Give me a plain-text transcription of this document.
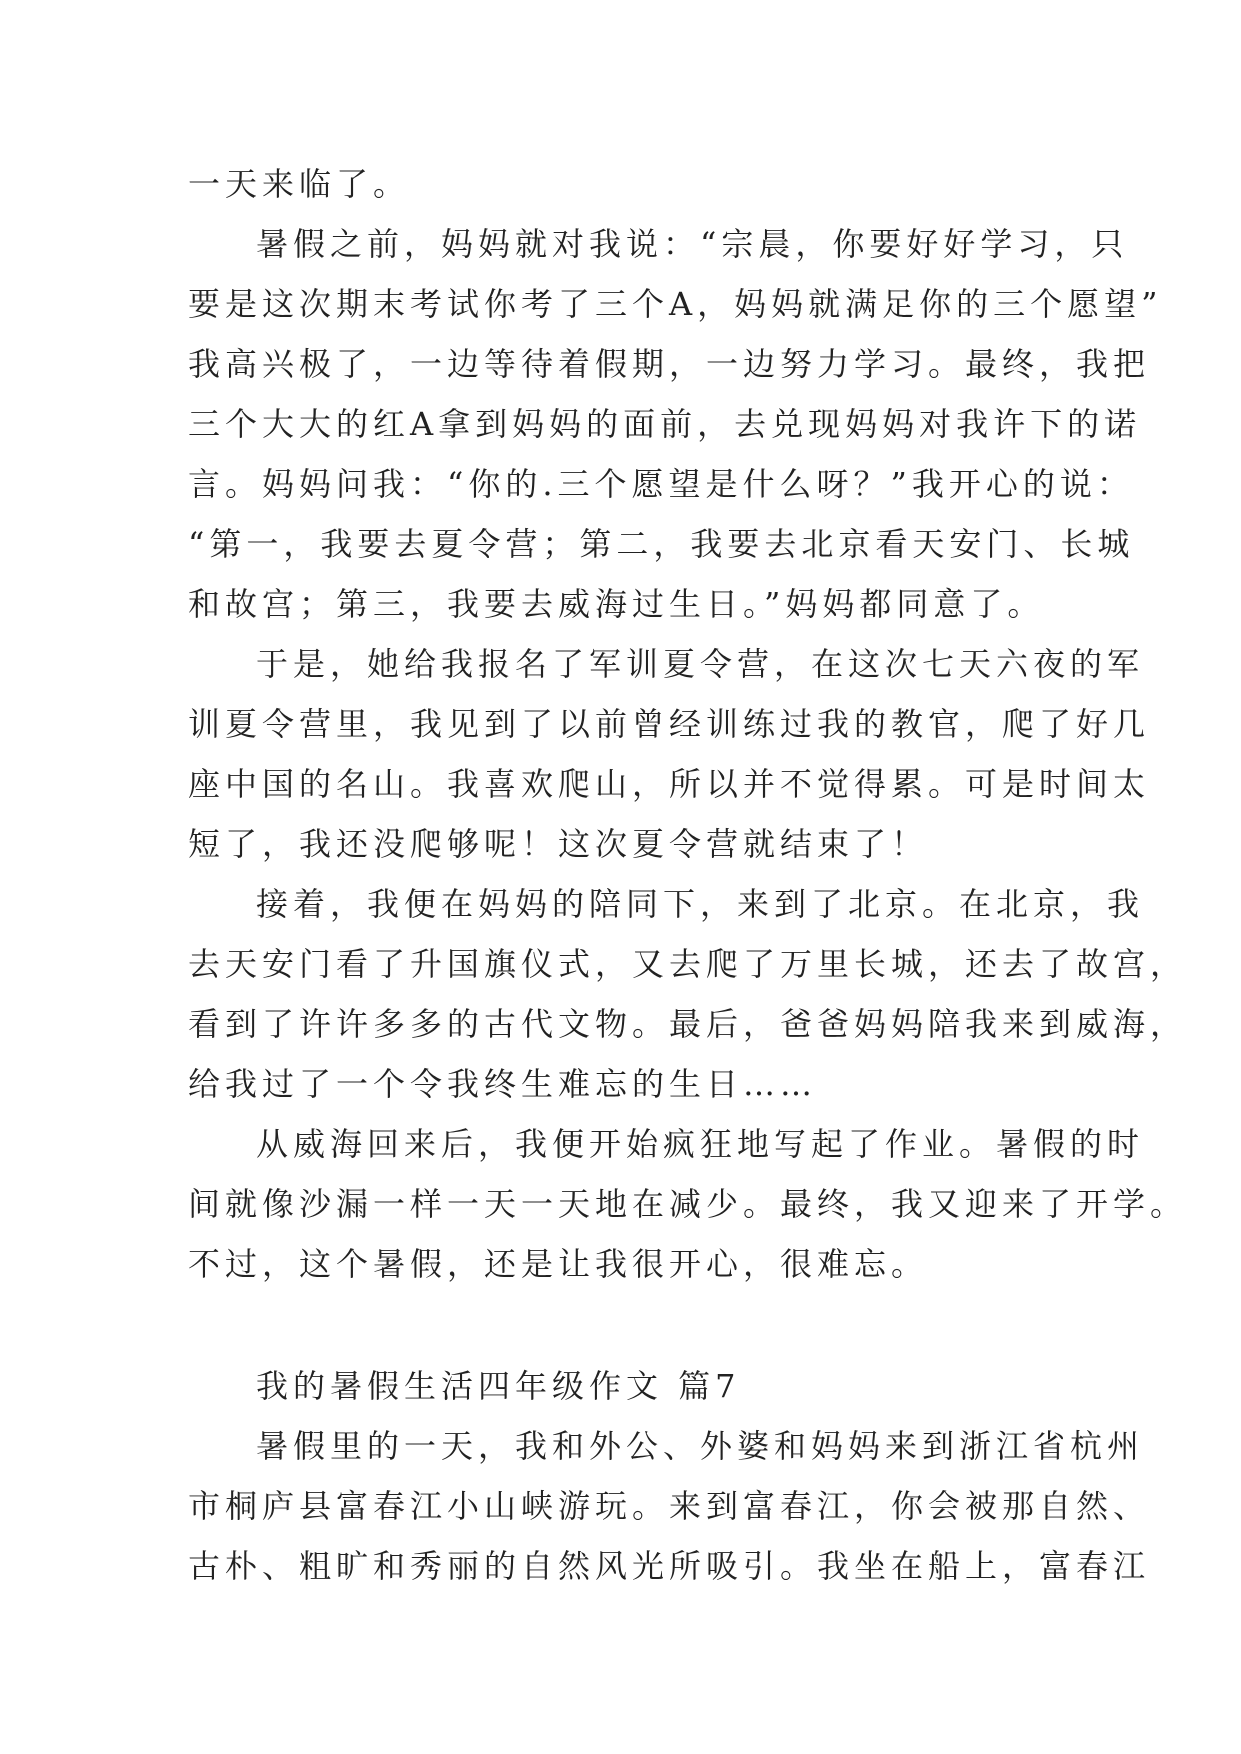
一天来临了。
暑假之前，妈妈就对我说：“宗晨，你要好好学习，只
要是这次期末考试你考了三个A，妈妈就满足你的三个愿望”
我高兴极了，一边等待着假期，一边努力学习。最终，我把
三个大大的红A拿到妈妈的面前，去兑现妈妈对我许下的诺
言。妈妈问我：“你的.三个愿望是什么呀？”我开心的说：
“第一，我要去夏令营；第二，我要去北京看天安门、长城
和故宫；第三，我要去威海过生日。”妈妈都同意了。
于是，她给我报名了军训夏令营，在这次七天六夜的军
训夏令营里，我见到了以前曾经训练过我的教官，爬了好几
座中国的名山。我喜欢爬山，所以并不觉得累。可是时间太
短了，我还没爬够呢！这次夏令营就结束了！
接着，我便在妈妈的陪同下，来到了北京。在北京，我
去天安门看了升国旗仪式，又去爬了万里长城，还去了故宫，
看到了许许多多的古代文物。最后，爸爸妈妈陪我来到威海，
给我过了一个令我终生难忘的生日……
从威海回来后，我便开始疯狂地写起了作业。暑假的时
间就像沙漏一样一天一天地在减少。最终，我又迎来了开学。
不过，这个暑假，还是让我很开心，很难忘。
我的暑假生活四年级作文 篇7
暑假里的一天，我和外公、外婆和妈妈来到浙江省杭州
市桐庐县富春江小山峡游玩。来到富春江，你会被那自然、
古朴、粗旷和秀丽的自然风光所吸引。我坐在船上，富春江
